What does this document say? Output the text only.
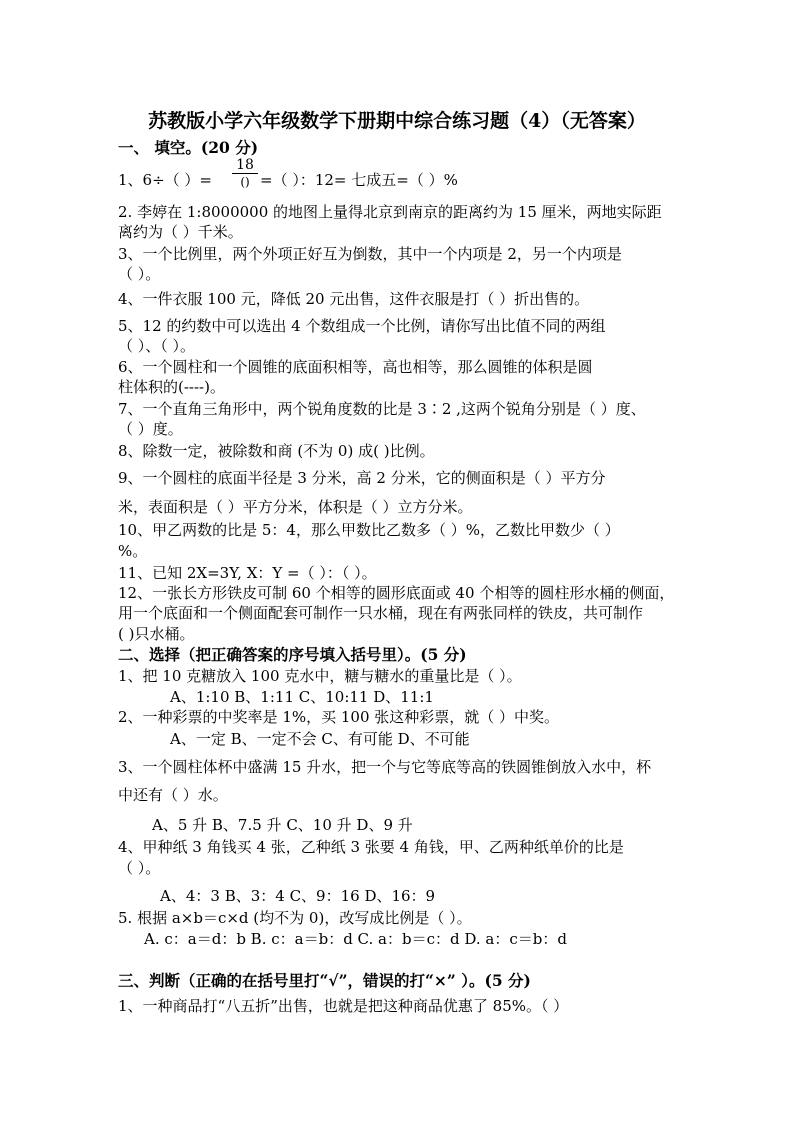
苏教版小学六年级数学下册期中综合练习题（4）（无答案）
一、 填空。(20 分)
1、6÷（ ）=
18
() =（ ）：12= 七成五=（ ）%
2. 李婷在 1:8000000 的地图上量得北京到南京的距离约为 15 厘米，两地实际距
离约为（ ）千米。
3、一个比例里，两个外项正好互为倒数，其中一个内项是 2，另一个内项是
（ ）。
4、一件衣服 100 元，降低 20 元出售，这件衣服是打（ ）折出售的。
5、12 的约数中可以选出 4 个数组成一个比例，请你写出比值不同的两组
（ ）、（ ）。
6、一个圆柱和一个圆锥的底面积相等，高也相等，那么圆锥的体积是圆
柱体积的(----)。
7、一个直角三角形中，两个锐角度数的比是 3∶2 ,这两个锐角分别是（ ）度、
（ ）度。
8、除数一定，被除数和商 (不为 0) 成( )比例。
9、一个圆柱的底面半径是 3 分米，高 2 分米，它的侧面积是（ ）平方分
米，表面积是（ ）平方分米，体积是（ ）立方分米。
10、甲乙两数的比是 5：4，那么甲数比乙数多（ ）%，乙数比甲数少（ ）
%。
11、已知 2X=3Y, X：Y =（ ）：（ ）。
12、一张长方形铁皮可制 60 个相等的圆形底面或 40 个相等的圆柱形水桶的侧面，
用一个底面和一个侧面配套可制作一只水桶，现在有两张同样的铁皮，共可制作
( )只水桶。
二、选择（把正确答案的序号填入括号里）。(5 分)
1、把 10 克糖放入 100 克水中，糖与糖水的重量比是（ ）。
A、1:10 B、1:11 C、10:11 D、11:1
2、一种彩票的中奖率是 1%，买 100 张这种彩票，就（ ）中奖。
A、一定 B、一定不会 C、有可能 D、不可能
3、一个圆柱体杯中盛满 15 升水，把一个与它等底等高的铁圆锥倒放入水中，杯
中还有（ ）水。
A、5 升 B、7.5 升 C、10 升 D、9 升
4、甲种纸 3 角钱买 4 张，乙种纸 3 张要 4 角钱，甲、乙两种纸单价的比是
（ ）。
A、4：3 B、3：4 C、9：16 D、16：9
5. 根据 a×b＝c×d (均不为 0)，改写成比例是（ ）。
A. c：a＝d：b B. c：a＝b：d C. a：b＝c：d D. a：c＝b：d
三、判断（正确的在括号里打“√”，错误的打“×” ）。(5 分)
1、一种商品打“八五折”出售，也就是把这种商品优惠了 85%。（ ）
